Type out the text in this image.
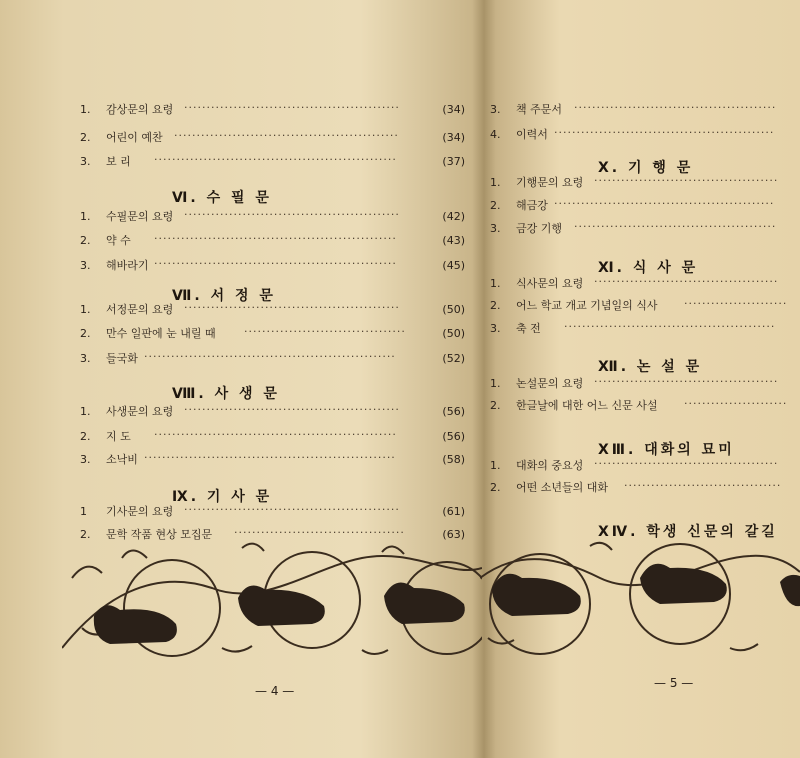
— 4 —
1. 감상문의 요령 ················································	(34)
2. 어린이 예찬 ··················································	(34)
3. 보 리 ······················································	(37)
Ⅵ. 수 필 문
1. 수필문의 요령 ················································	(42)
2. 약 수 ······················································	(43)
3. 해바라기 ······················································	(45)
Ⅶ. 서 정 문
1. 서정문의 요령 ················································	(50)
2. 만수 일판에 눈 내릴 때	····································	(50)
3. 들국화 ························································	(52)
Ⅷ. 사 생 문
1. 사생문의 요령 ················································	(56)
2. 지 도 ······················································	(56)
3. 소낙비 ························································	(58)
Ⅸ. 기 사 문
1 기사문의 요령 ················································	(61)
2. 문학 작품 현상 모집문 ······································	(63)
— 5 —
3. 책 주문서 ·············································
4. 이력서 ·················································
Ⅹ. 기 행 문
1. 기행문의 요령 ·········································
2. 해금강 ·················································
3. 금강 기행 ·············································
Ⅺ. 식 사 문
1. 식사문의 요령 ·········································
2. 어느 학교 개교 기념일의 식사 ·······················
3. 축 전 ···············································
Ⅻ. 논 설 문
1. 논설문의 요령 ·········································
2. 한글날에 대한 어느 신문 사설 ·······················
ⅩⅢ. 대화의 묘미
1. 대화의 중요성 ·········································
2. 어떤 소년들의 대화 ···································
ⅩⅣ. 학생 신문의 갈길
